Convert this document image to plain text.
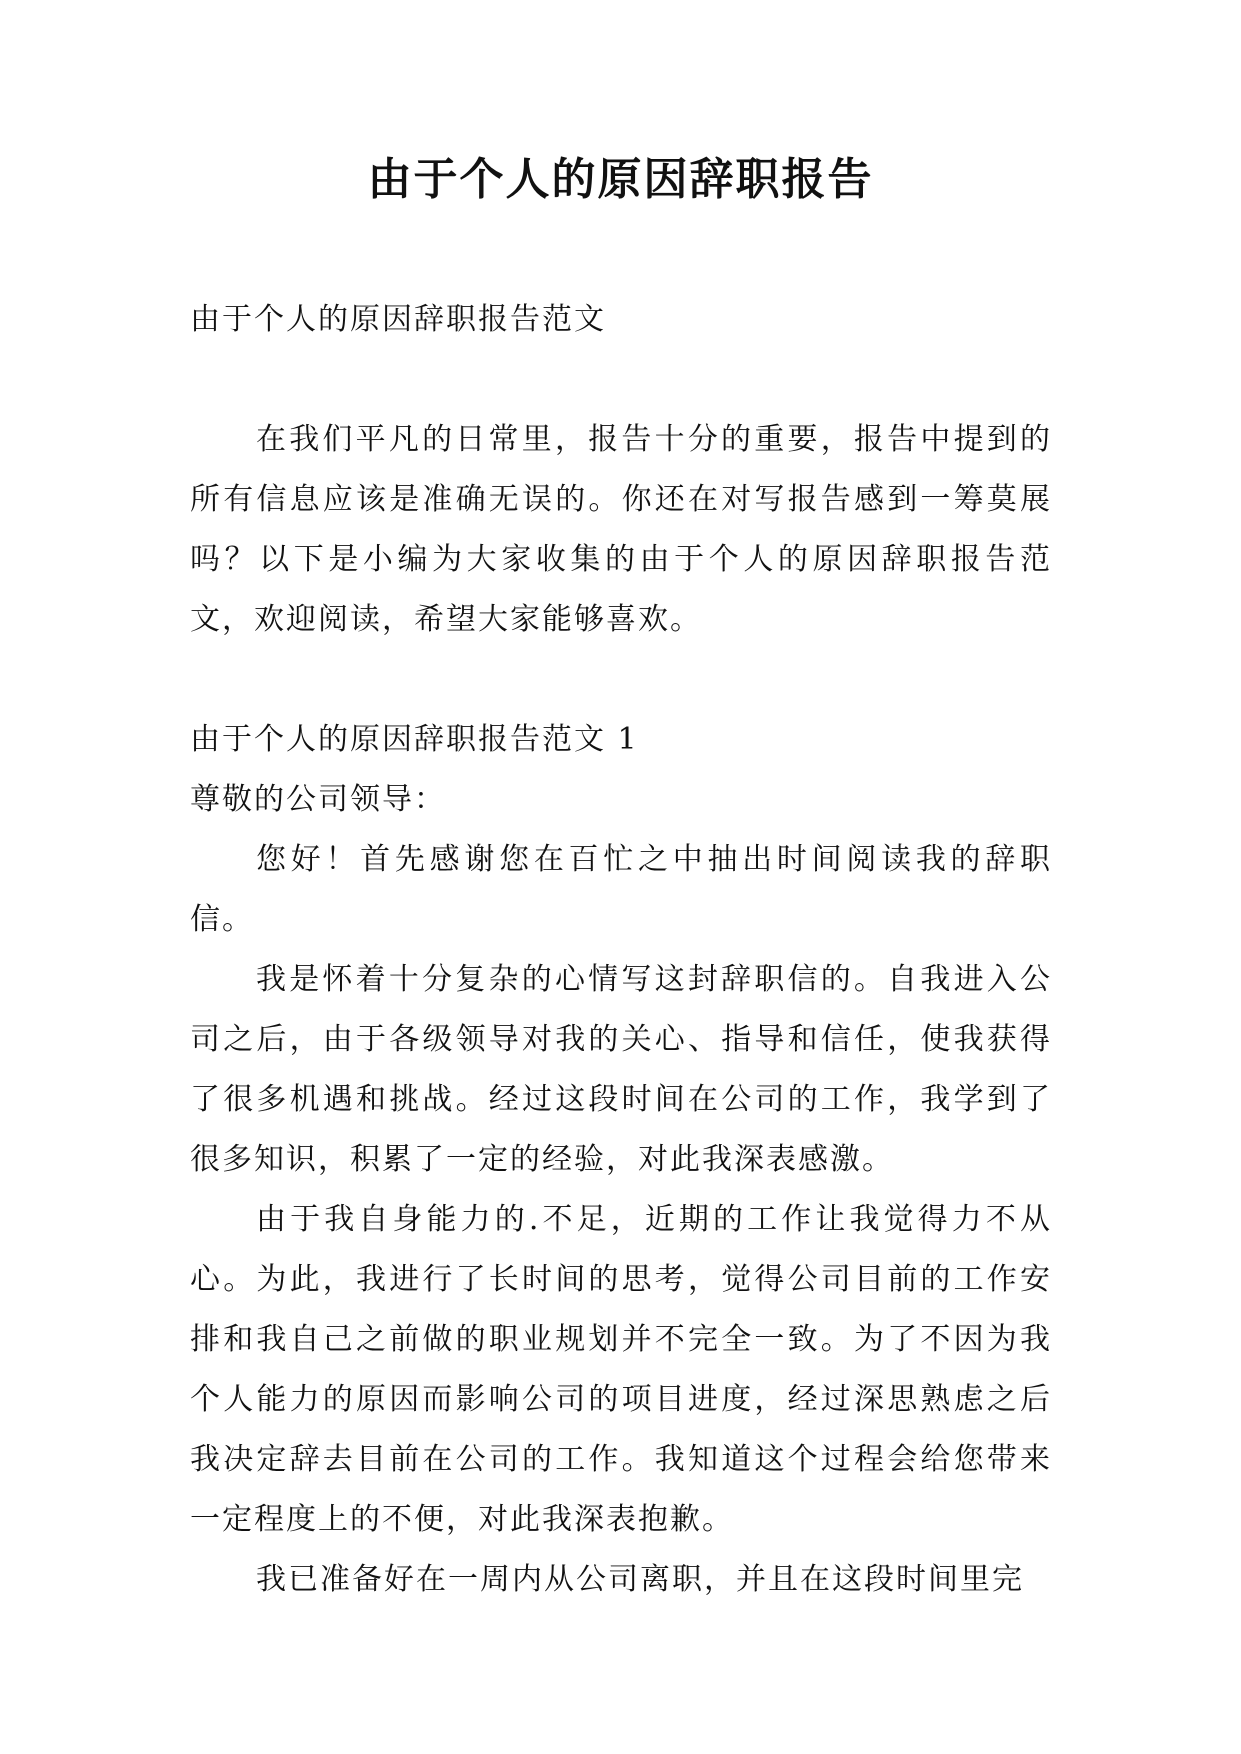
由于个人的原因辞职报告

由于个人的原因辞职报告范文

在我们平凡的日常里，报告十分的重要，报告中提到的所有信息应该是准确无误的。你还在对写报告感到一筹莫展吗？以下是小编为大家收集的由于个人的原因辞职报告范文，欢迎阅读，希望大家能够喜欢。

由于个人的原因辞职报告范文 1

尊敬的公司领导：

您好！首先感谢您在百忙之中抽出时间阅读我的辞职信。

我是怀着十分复杂的心情写这封辞职信的。自我进入公司之后，由于各级领导对我的关心、指导和信任，使我获得了很多机遇和挑战。经过这段时间在公司的工作，我学到了很多知识，积累了一定的经验，对此我深表感激。

由于我自身能力的.不足，近期的工作让我觉得力不从心。为此，我进行了长时间的思考，觉得公司目前的工作安排和我自己之前做的职业规划并不完全一致。为了不因为我个人能力的原因而影响公司的项目进度，经过深思熟虑之后我决定辞去目前在公司的工作。我知道这个过程会给您带来一定程度上的不便，对此我深表抱歉。

我已准备好在一周内从公司离职，并且在这段时间里完
